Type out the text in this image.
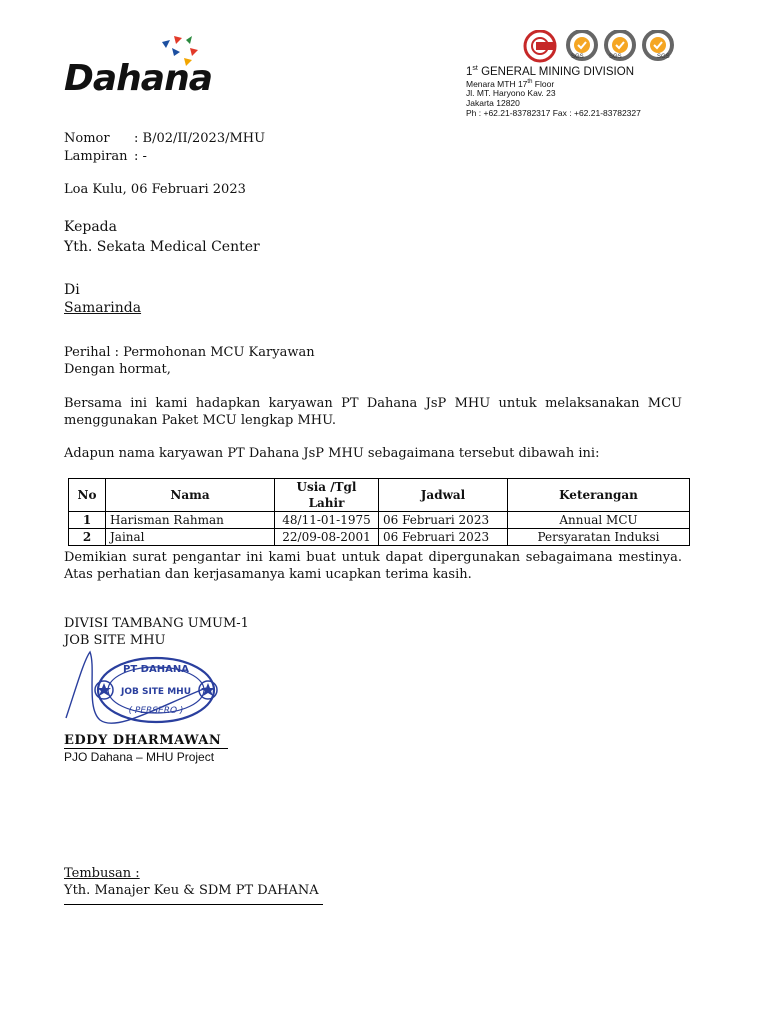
Dahana
SGS	SGS	SGS
1st GENERAL MINING DIVISION
Menara MTH 17th Floor
Jl. MT. Haryono Kav. 23
Jakarta 12820
Ph : +62.21-83782317 Fax : +62.21-83782327
Nomor : B/02/II/2023/MHU
Lampiran : -
Loa Kulu, 06 Februari 2023
Kepada
Yth. Sekata Medical Center
Di
Samarinda
Perihal : Permohonan MCU Karyawan
Dengan hormat,
Bersama ini kami hadapkan karyawan PT Dahana JsP MHU untuk melaksanakan MCU menggunakan Paket MCU lengkap MHU.
Adapun nama karyawan PT Dahana JsP MHU sebagaimana tersebut dibawah ini:
No	Nama	Usia /Tgl Lahir	Jadwal	Keterangan
1	Harisman Rahman	48/11-01-1975	06 Februari 2023	Annual MCU
2	Jainal	22/09-08-2001	06 Februari 2023	Persyaratan Induksi
Demikian surat pengantar ini kami buat untuk dapat dipergunakan sebagaimana mestinya. Atas perhatian dan kerjasamanya kami ucapkan terima kasih.
DIVISI TAMBANG UMUM-1
JOB SITE MHU
PT DAHANA
JOB SITE MHU
( PERSERO )
EDDY DHARMAWAN
PJO Dahana – MHU Project
Tembusan :
Yth. Manajer Keu & SDM PT DAHANA
